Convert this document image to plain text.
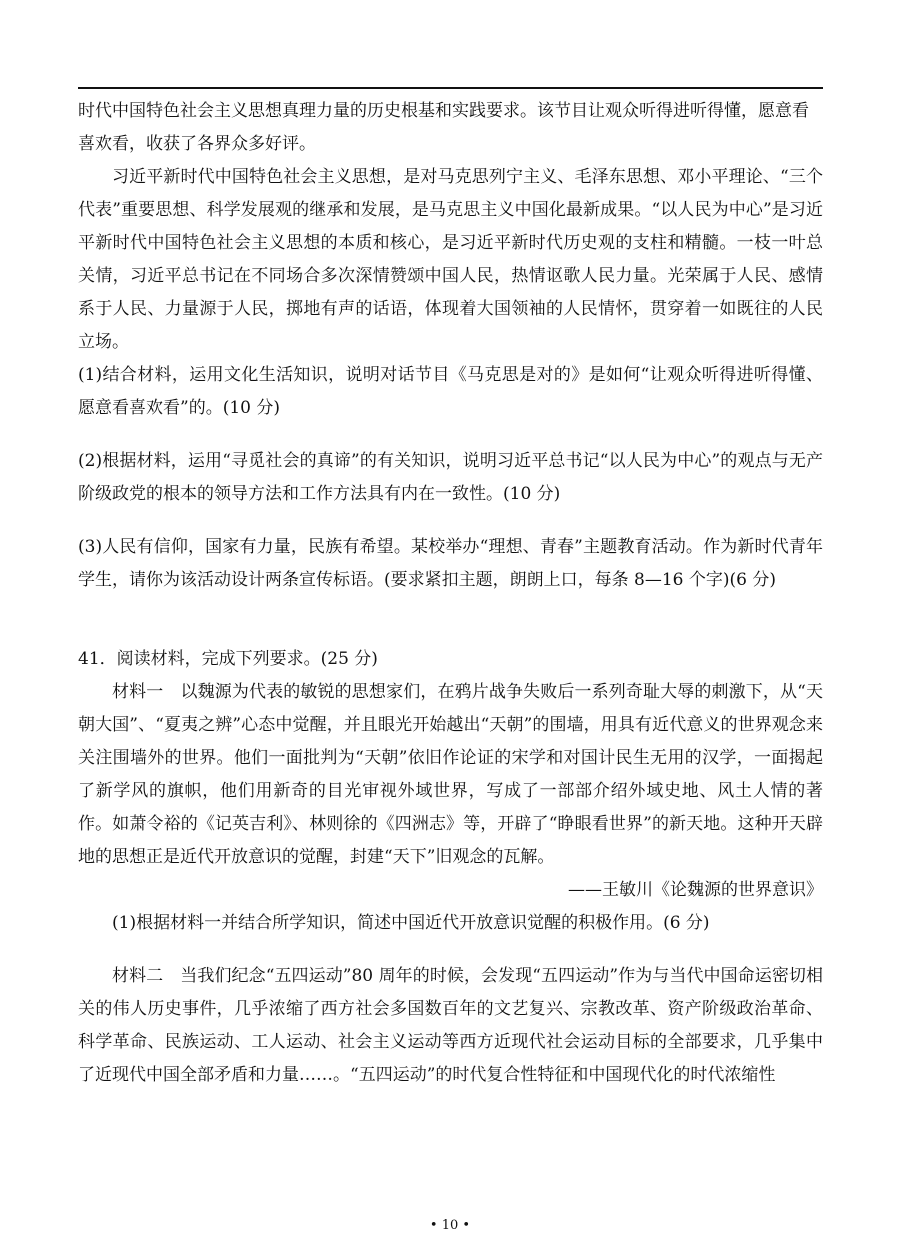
时代中国特色社会主义思想真理力量的历史根基和实践要求。该节目让观众听得进听得懂，愿意看

喜欢看，收获了各界众多好评。

习近平新时代中国特色社会主义思想，是对马克思列宁主义、毛泽东思想、邓小平理论、“三个代表”重要思想、科学发展观的继承和发展，是马克思主义中国化最新成果。“以人民为中心”是习近平新时代中国特色社会主义思想的本质和核心，是习近平新时代历史观的支柱和精髓。一枝一叶总关情，习近平总书记在不同场合多次深情赞颂中国人民，热情讴歌人民力量。光荣属于人民、感情系于人民、力量源于人民，掷地有声的话语，体现着大国领袖的人民情怀，贯穿着一如既往的人民立场。

(1)结合材料，运用文化生活知识，说明对话节目《马克思是对的》是如何“让观众听得进听得懂、愿意看喜欢看”的。(10 分)

(2)根据材料，运用“寻觅社会的真谛”的有关知识，说明习近平总书记“以人民为中心”的观点与无产阶级政党的根本的领导方法和工作方法具有内在一致性。(10 分)

(3)人民有信仰，国家有力量，民族有希望。某校举办“理想、青春”主题教育活动。作为新时代青年学生，请你为该活动设计两条宣传标语。(要求紧扣主题，朗朗上口，每条 8—16 个字)(6 分)

41．阅读材料，完成下列要求。(25 分)

材料一　以魏源为代表的敏锐的思想家们，在鸦片战争失败后一系列奇耻大辱的刺激下，从“天朝大国”、“夏夷之辨”心态中觉醒，并且眼光开始越出“天朝”的围墙，用具有近代意义的世界观念来关注围墙外的世界。他们一面批判为“天朝”依旧作论证的宋学和对国计民生无用的汉学，一面揭起了新学风的旗帜，他们用新奇的目光审视外域世界，写成了一部部介绍外域史地、风土人情的著作。如萧令裕的《记英吉利》、林则徐的《四洲志》等，开辟了“睁眼看世界”的新天地。这种开天辟地的思想正是近代开放意识的觉醒，封建“天下”旧观念的瓦解。

——王敏川《论魏源的世界意识》

(1)根据材料一并结合所学知识，简述中国近代开放意识觉醒的积极作用。(6 分)

材料二　当我们纪念“五四运动”80 周年的时候，会发现“五四运动”作为与当代中国命运密切相关的伟人历史事件，几乎浓缩了西方社会多国数百年的文艺复兴、宗教改革、资产阶级政治革命、科学革命、民族运动、工人运动、社会主义运动等西方近现代社会运动目标的全部要求，几乎集中了近现代中国全部矛盾和力量……。“五四运动”的时代复合性特征和中国现代化的时代浓缩性

• 10 •
